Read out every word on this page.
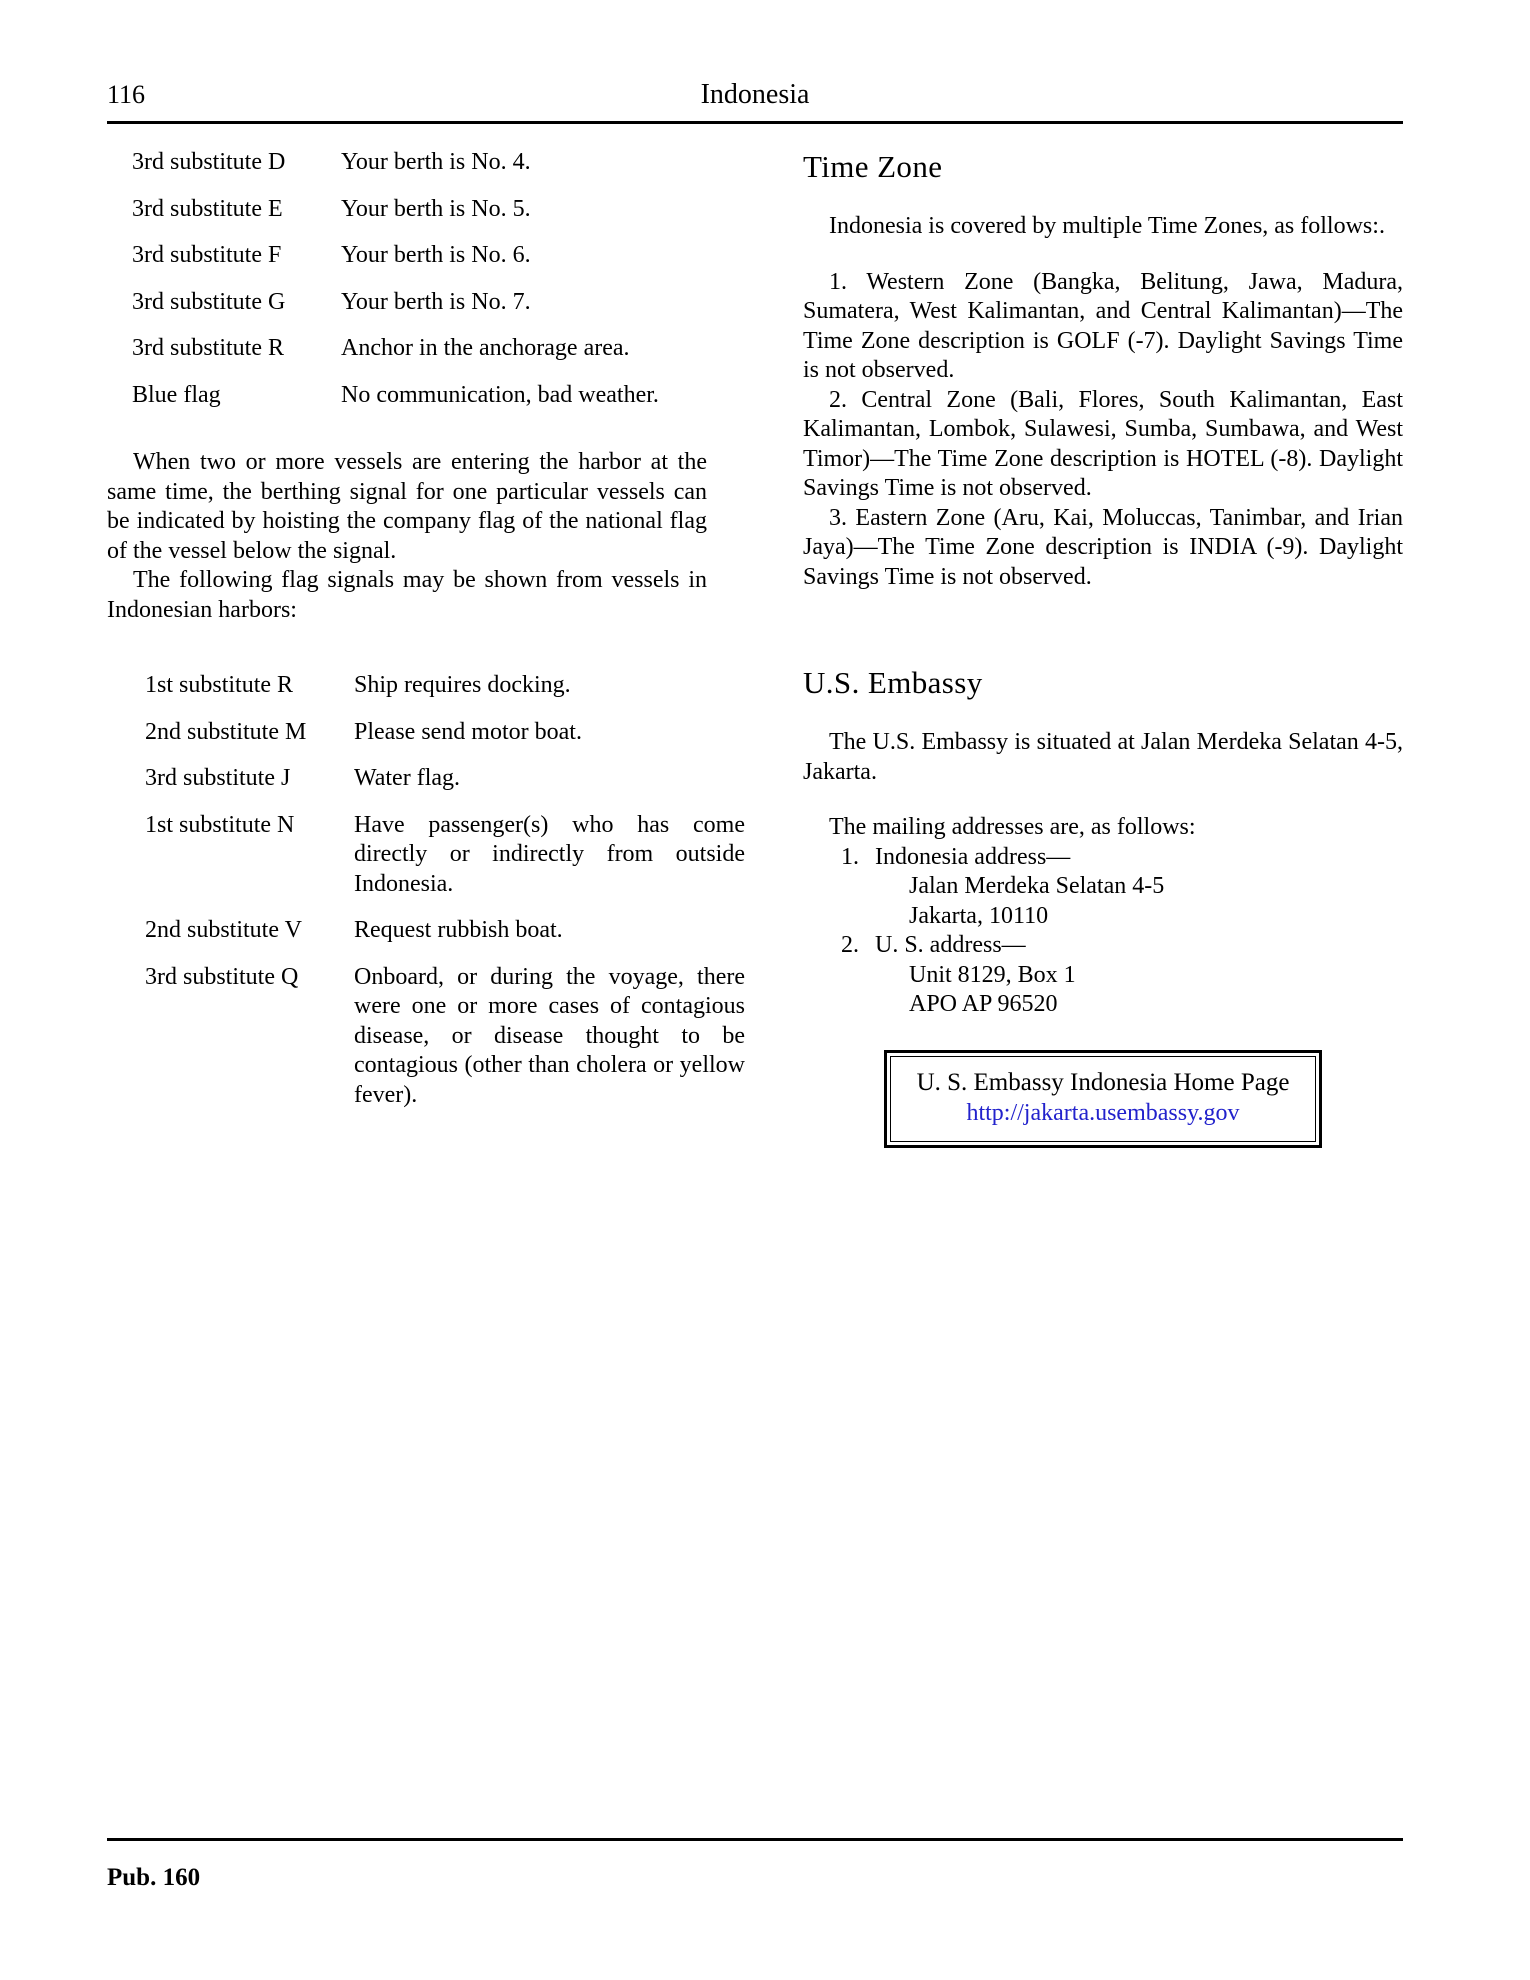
116	Indonesia
3rd substitute D	Your berth is No. 4.
3rd substitute E	Your berth is No. 5.
3rd substitute F	Your berth is No. 6.
3rd substitute G	Your berth is No. 7.
3rd substitute R	Anchor in the anchorage area.
Blue flag	No communication, bad weather.

When two or more vessels are entering the harbor at the same time, the berthing signal for one particular vessels can be indicated by hoisting the company flag of the national flag of the vessel below the signal.

The following flag signals may be shown from vessels in Indonesian harbors:

1st substitute R	Ship requires docking.
2nd substitute M	Please send motor boat.
3rd substitute J	Water flag.
1st substitute N	Have passenger(s) who has come directly or indirectly from outside Indonesia.
2nd substitute V	Request rubbish boat.
3rd substitute Q	Onboard, or during the voyage, there were one or more cases of contagious disease, or disease thought to be contagious (other than cholera or yellow fever).
Time Zone

Indonesia is covered by multiple Time Zones, as follows:.

1. Western Zone (Bangka, Belitung, Jawa, Madura, Sumatera, West Kalimantan, and Central Kalimantan)—The Time Zone description is GOLF (-7). Daylight Savings Time is not observed.

2. Central Zone (Bali, Flores, South Kalimantan, East Kalimantan, Lombok, Sulawesi, Sumba, Sumbawa, and West Timor)—The Time Zone description is HOTEL (-8). Daylight Savings Time is not observed.

3. Eastern Zone (Aru, Kai, Moluccas, Tanimbar, and Irian Jaya)—The Time Zone description is INDIA (-9). Daylight Savings Time is not observed.

U.S. Embassy

The U.S. Embassy is situated at Jalan Merdeka Selatan 4-5, Jakarta.

The mailing addresses are, as follows:

1. Indonesia address—
Jalan Merdeka Selatan 4-5
Jakarta, 10110
2. U. S. address—
Unit 8129, Box 1
APO AP 96520
U. S. Embassy Indonesia Home Page
http://jakarta.usembassy.gov
Pub. 160
